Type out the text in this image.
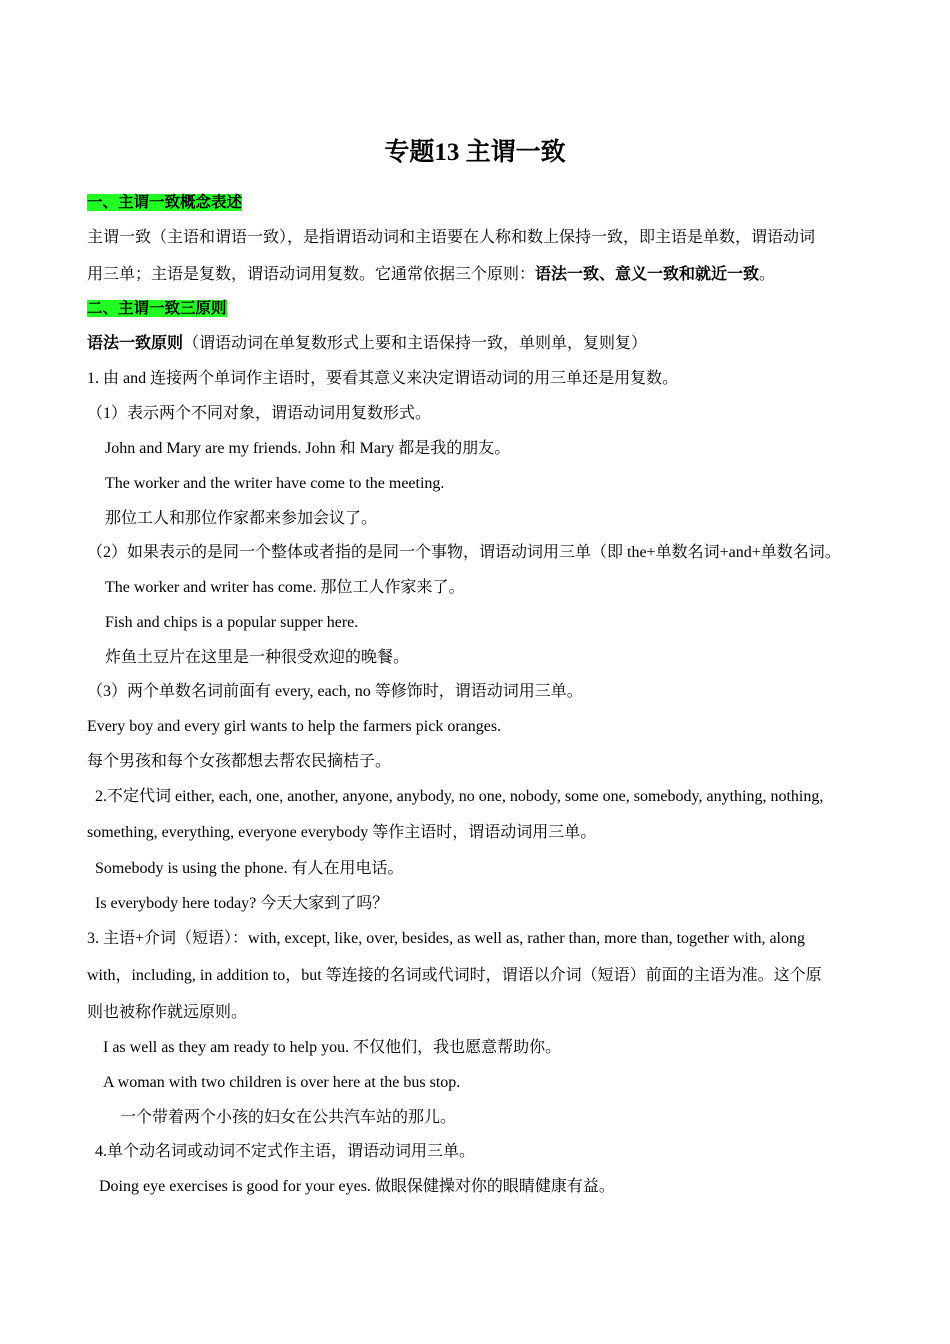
专题13 主谓一致
一、主谓一致概念表述
主谓一致（主语和谓语一致），是指谓语动词和主语要在人称和数上保持一致，即主语是单数，谓语动词
用三单；主语是复数，谓语动词用复数。它通常依据三个原则：语法一致、意义一致和就近一致。
二、主谓一致三原则
语法一致原则（谓语动词在单复数形式上要和主语保持一致，单则单，复则复）
1. 由 and 连接两个单词作主语时，要看其意义来决定谓语动词的用三单还是用复数。
（1）表示两个不同对象，谓语动词用复数形式。
John and Mary are my friends. John 和 Mary 都是我的朋友。
The worker and the writer have come to the meeting.
那位工人和那位作家都来参加会议了。
（2）如果表示的是同一个整体或者指的是同一个事物，谓语动词用三单（即 the+单数名词+and+单数名词。
The worker and writer has come. 那位工人作家来了。
Fish and chips is a popular supper here.
炸鱼土豆片在这里是一种很受欢迎的晚餐。
（3）两个单数名词前面有 every, each, no 等修饰时，谓语动词用三单。
Every boy and every girl wants to help the farmers pick oranges.
每个男孩和每个女孩都想去帮农民摘桔子。
2.不定代词 either, each, one, another, anyone, anybody, no one, nobody, some one, somebody, anything, nothing,
something, everything, everyone everybody 等作主语时，谓语动词用三单。
Somebody is using the phone. 有人在用电话。
Is everybody here today? 今天大家到了吗？
3. 主语+介词（短语）：with, except, like, over, besides, as well as, rather than, more than, together with, along
with，including, in addition to，but 等连接的名词或代词时，谓语以介词（短语）前面的主语为准。这个原
则也被称作就远原则。
I as well as they am ready to help you. 不仅他们，我也愿意帮助你。
A woman with two children is over here at the bus stop.
一个带着两个小孩的妇女在公共汽车站的那儿。
4.单个动名词或动词不定式作主语，谓语动词用三单。
Doing eye exercises is good for your eyes. 做眼保健操对你的眼睛健康有益。
